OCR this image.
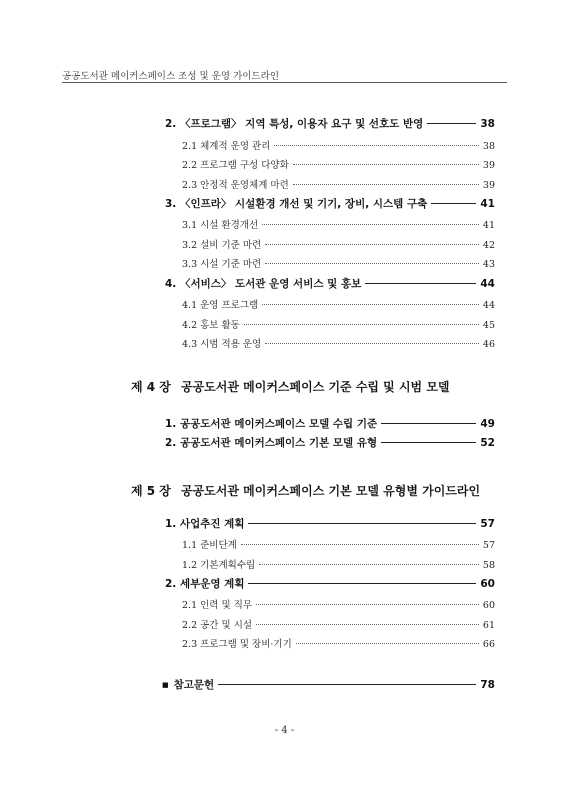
공공도서관 메이커스페이스 조성 및 운영 가이드라인
2. 〈프로그램〉 지역 특성, 이용자 요구 및 선호도 반영	38
2.1 체계적 운영 관리	38
2.2 프로그램 구성 다양화	39
2.3 안정적 운영체계 마련	39
3. 〈인프라〉 시설환경 개선 및 기기, 장비, 시스템 구축	41
3.1 시설 환경개선	41
3.2 설비 기준 마련	42
3.3 시설 기준 마련	43
4. 〈서비스〉 도서관 운영 서비스 및 홍보	44
4.1 운영 프로그램	44
4.2 홍보 활동	45
4.3 시범 적용 운영	46
제 4 장 공공도서관 메이커스페이스 기준 수립 및 시범 모델
1. 공공도서관 메이커스페이스 모델 수립 기준	49
2. 공공도서관 메이커스페이스 기본 모델 유형	52
제 5 장 공공도서관 메이커스페이스 기본 모델 유형별 가이드라인
1. 사업추진 계획	57
1.1 준비단계	57
1.2 기본계획수립	58
2. 세부운영 계획	60
2.1 인력 및 직무	60
2.2 공간 및 시설	61
2.3 프로그램 및 장비·기기	66
■ 참고문헌	78
- 4 -
